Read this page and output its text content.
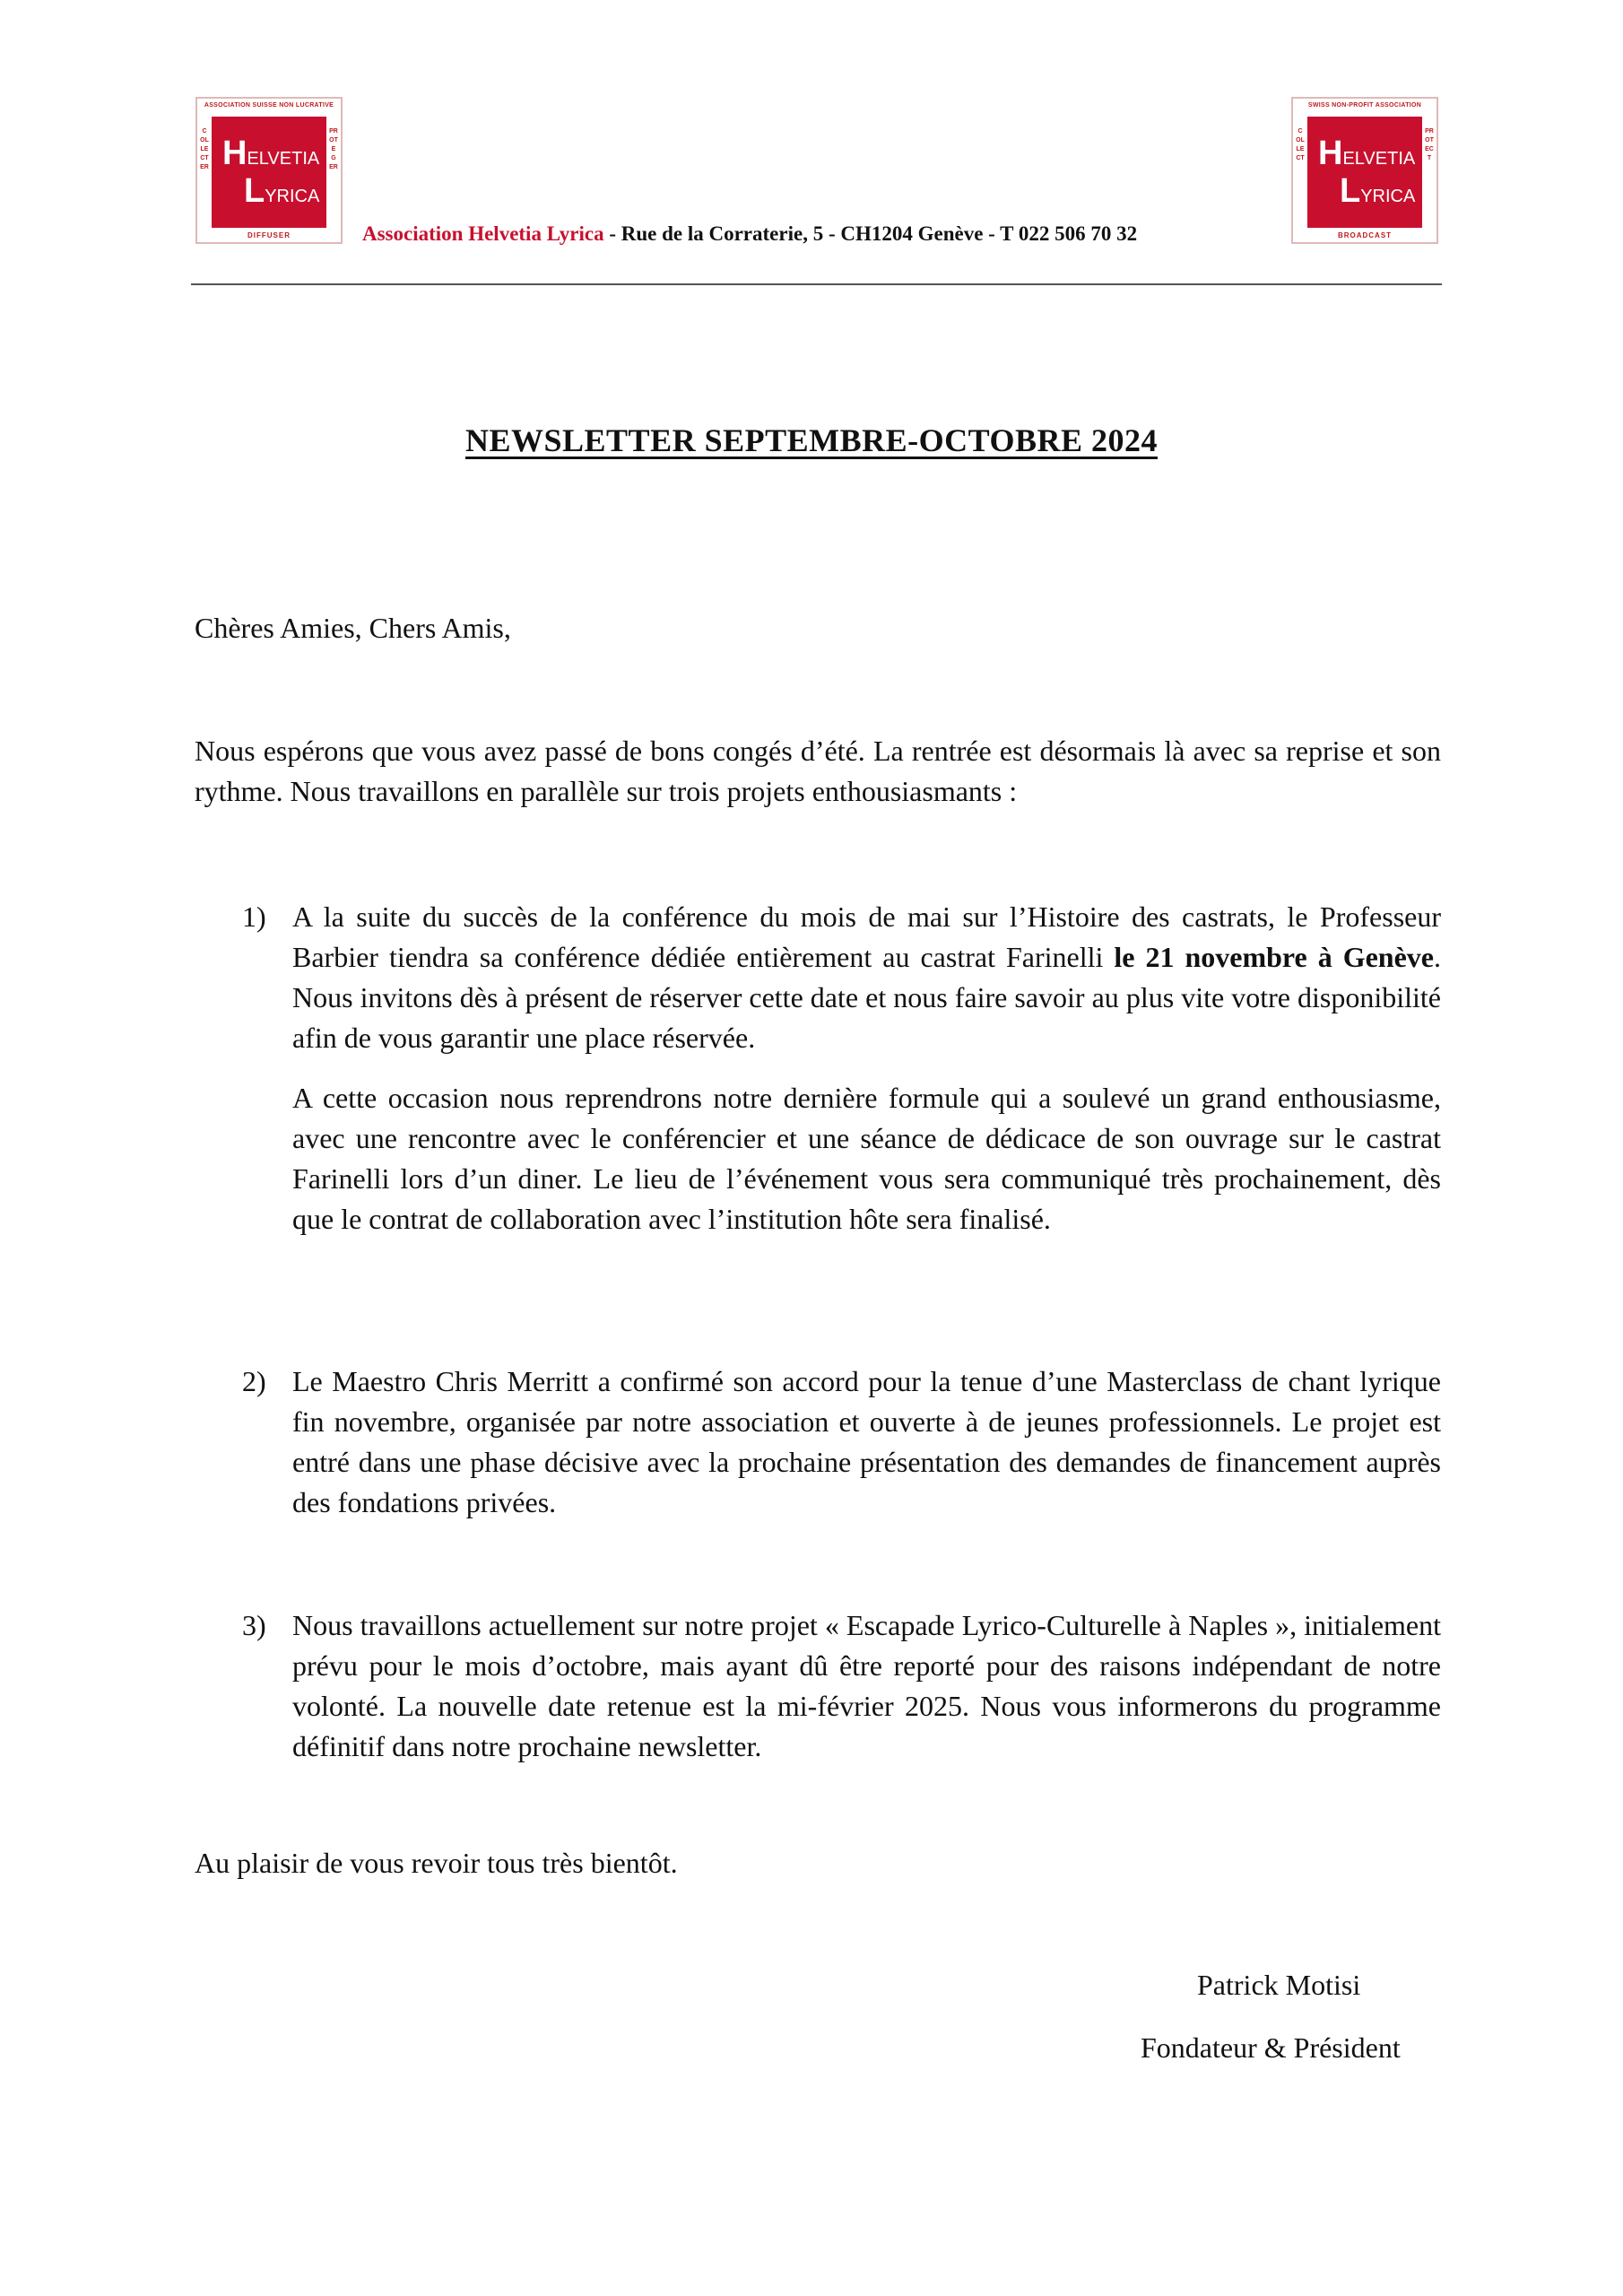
ASSOCIATION SUISSE NON LUCRATIVE
COLLECTER
PROTEGER
HELVETIA
LYRICA
DIFFUSER
SWISS NON-PROFIT ASSOCIATION
COLLECT
PROTECT
HELVETIA
LYRICA
BROADCAST
Association Helvetia Lyrica - Rue de la Corraterie, 5 - CH1204 Genève - T 022 506 70 32
NEWSLETTER SEPTEMBRE-OCTOBRE 2024
Chères Amies, Chers Amis,
Nous espérons que vous avez passé de bons congés d’été. La rentrée est désormais là avec sa reprise et son rythme. Nous travaillons en parallèle sur trois projets enthousiasmants :
1) A la suite du succès de la conférence du mois de mai sur l’Histoire des castrats, le Professeur Barbier tiendra sa conférence dédiée entièrement au castrat Farinelli le 21 novembre à Genève. Nous invitons dès à présent de réserver cette date et nous faire savoir au plus vite votre disponibilité afin de vous garantir une place réservée.

A cette occasion nous reprendrons notre dernière formule qui a soulevé un grand enthousiasme, avec une rencontre avec le conférencier et une séance de dédicace de son ouvrage sur le castrat Farinelli lors d’un diner. Le lieu de l’événement vous sera communiqué très prochainement, dès que le contrat de collaboration avec l’institution hôte sera finalisé.

2) Le Maestro Chris Merritt a confirmé son accord pour la tenue d’une Masterclass de chant lyrique fin novembre, organisée par notre association et ouverte à de jeunes professionnels. Le projet est entré dans une phase décisive avec la prochaine présentation des demandes de financement auprès des fondations privées.

3) Nous travaillons actuellement sur notre projet « Escapade Lyrico-Culturelle à Naples », initialement prévu pour le mois d’octobre, mais ayant dû être reporté pour des raisons indépendant de notre volonté. La nouvelle date retenue est la mi-février 2025. Nous vous informerons du programme définitif dans notre prochaine newsletter.

Au plaisir de vous revoir tous très bientôt.
Patrick Motisi
Fondateur & Président
